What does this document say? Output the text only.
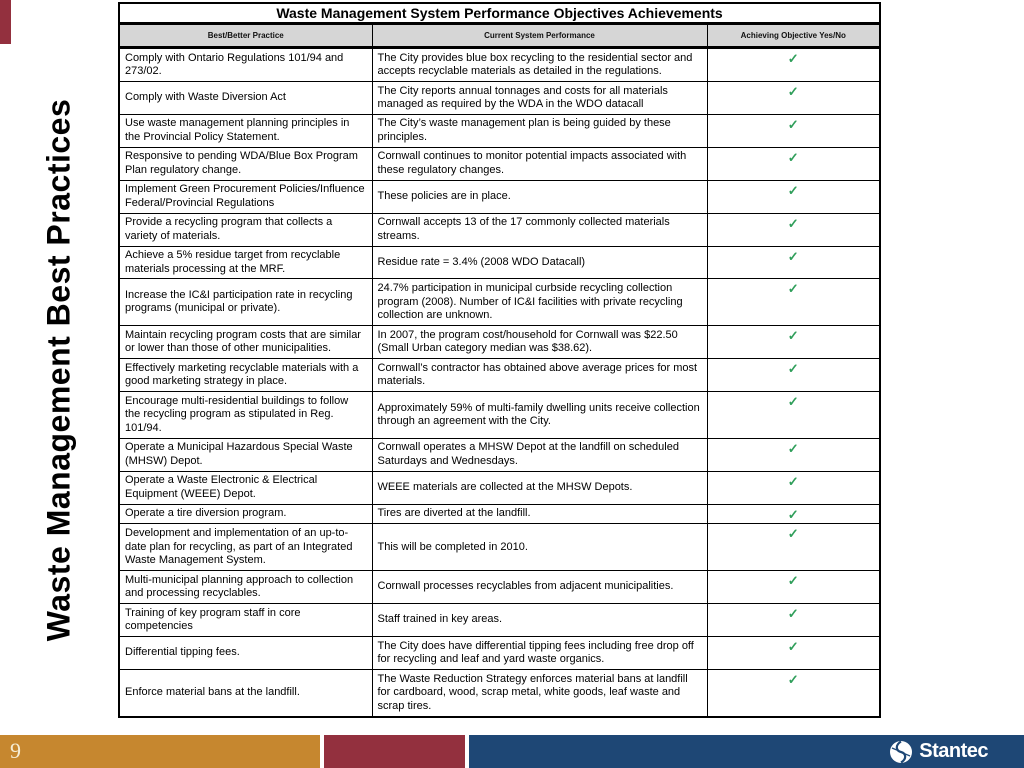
Waste Management Best Practices
Waste Management System Performance Objectives Achievements		
Best/Better Practice	Current System Performance	Achieving Objective Yes/No
Comply with Ontario Regulations 101/94 and 273/02.	The City provides blue box recycling to the residential sector and accepts recyclable materials as detailed in the regulations.	✓
Comply with Waste Diversion Act	The City reports annual tonnages and costs for all materials managed as required by the WDA in the WDO datacall	✓
Use waste management planning principles in the Provincial Policy Statement.	The City’s waste management plan is being guided by these principles.	✓
Responsive to pending WDA/Blue Box Program Plan regulatory change.	Cornwall continues to monitor potential impacts associated with these regulatory changes.	✓
Implement Green Procurement Policies/Influence Federal/Provincial Regulations	These policies are in place.	✓
Provide a recycling program that collects a variety of materials.	Cornwall accepts 13 of the 17 commonly collected materials streams.	✓
Achieve a 5% residue target from recyclable materials processing at the MRF.	Residue rate = 3.4% (2008 WDO Datacall)	✓
Increase the IC&I participation rate in recycling programs (municipal or private).	24.7% participation in municipal curbside recycling collection program (2008). Number of IC&I facilities with private recycling collection are unknown.	✓
Maintain recycling program costs that are similar or lower than those of other municipalities.	In 2007, the program cost/household for Cornwall was $22.50 (Small Urban category median was $38.62).	✓
Effectively marketing recyclable materials with a good marketing strategy in place.	Cornwall’s contractor has obtained above average prices for most materials.	✓
Encourage multi-residential buildings to follow the recycling program as stipulated in Reg. 101/94.	Approximately 59% of multi-family dwelling units receive collection through an agreement with the City.	✓
Operate a Municipal Hazardous Special Waste (MHSW) Depot.	Cornwall operates a MHSW Depot at the landfill on scheduled Saturdays and Wednesdays.	✓
Operate a Waste Electronic & Electrical Equipment (WEEE) Depot.	WEEE materials are collected at the MHSW Depots.	✓
Operate a tire diversion program.	Tires are diverted at the landfill.	✓
Development and implementation of an up-to-date plan for recycling, as part of an Integrated Waste Management System.	This will be completed in 2010.	✓
Multi-municipal planning approach to collection and processing recyclables.	Cornwall processes recyclables from adjacent municipalities.	✓
Training of key program staff in core competencies	Staff trained in key areas.	✓
Differential tipping fees.	The City does have differential tipping fees including free drop off for recycling and leaf and yard waste organics.	✓
Enforce material bans at the landfill.	The Waste Reduction Strategy enforces material bans at landfill for cardboard, wood, scrap metal, white goods, leaf waste and scrap tires.	✓
9	Stantec
